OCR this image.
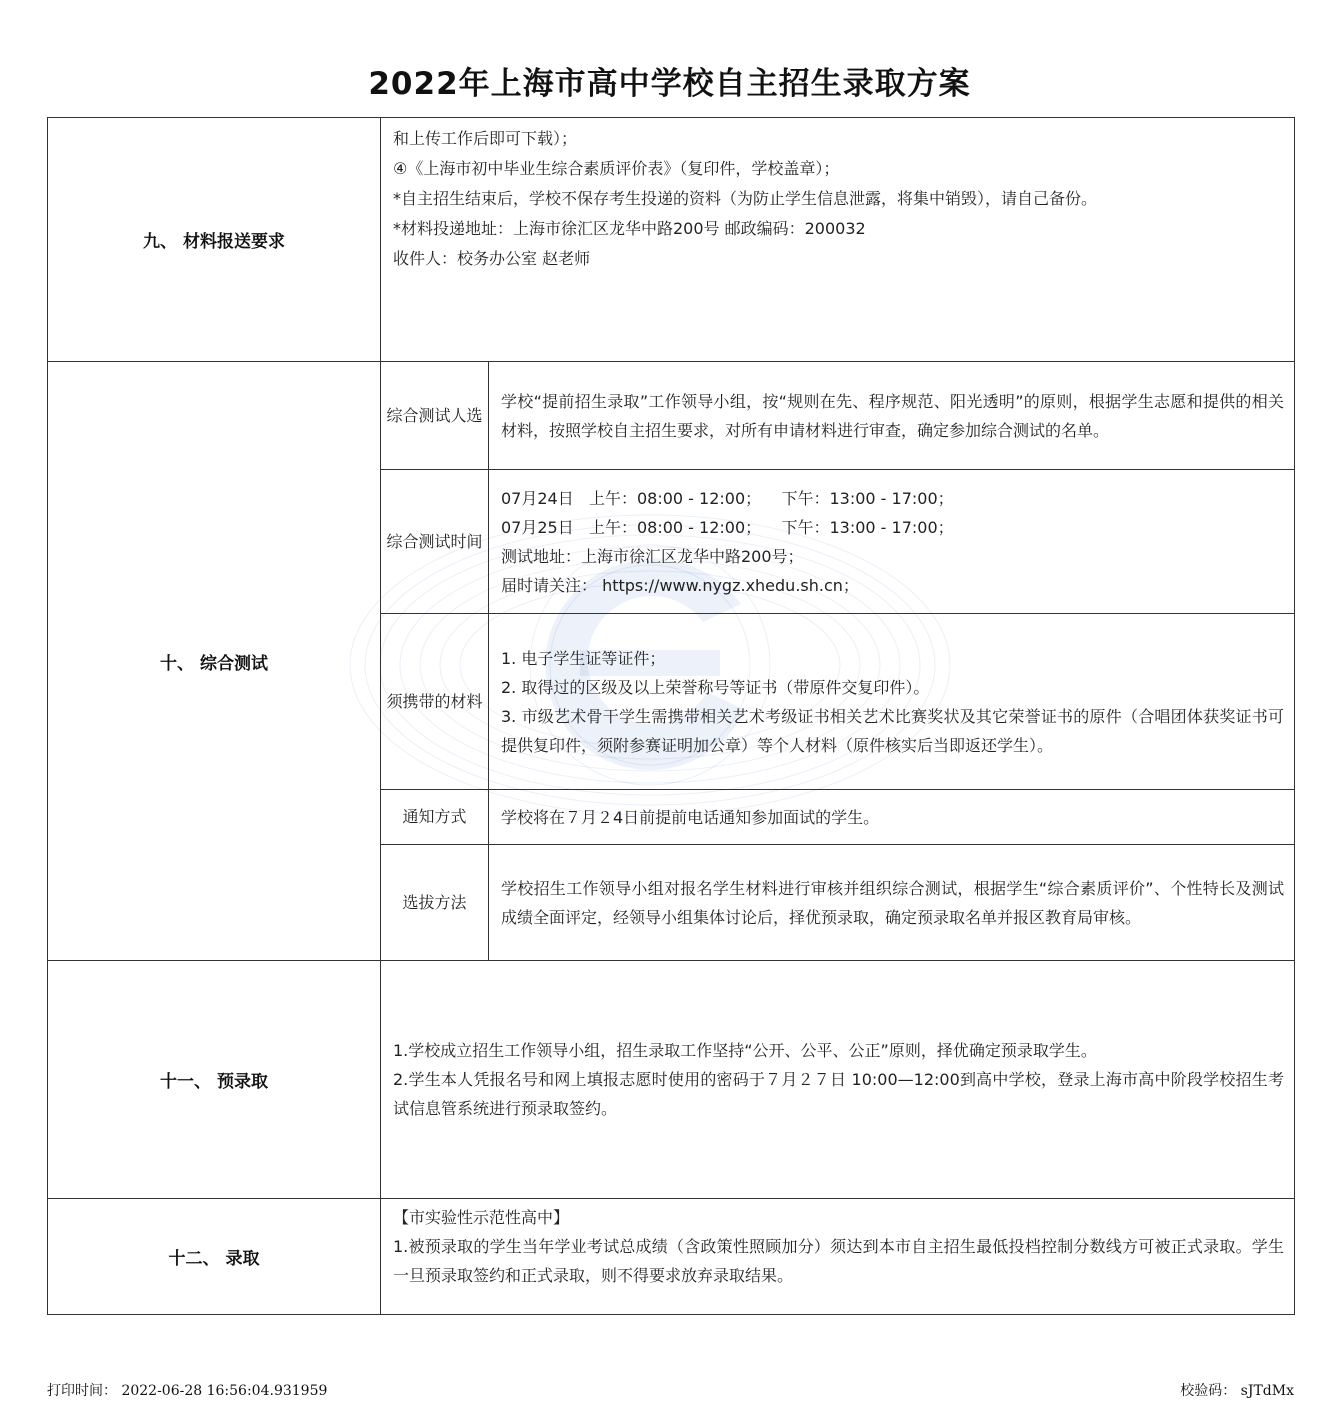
2022年上海市高中学校自主招生录取方案
九、 材料报送要求	和上传工作后即可下载）；

④《上海市初中毕业生综合素质评价表》（复印件，学校盖章）；

*自主招生结束后，学校不保存考生投递的资料（为防止学生信息泄露，将集中销毁），请自己备份。

*材料投递地址：上海市徐汇区龙华中路200号 邮政编码：200032

收件人：校务办公室 赵老师	

十、 综合测试	综合测试人选	学校“提前招生录取”工作领导小组，按“规则在先、程序规范、阳光透明”的原则，根据学生志愿和提供的相关材料，按照学校自主招生要求，对所有申请材料进行审查，确定参加综合测试的名单。

	综合测试时间	07月24日   上午：08:00 - 12:00；    下午：13:00 - 17:00；

07月25日   上午：08:00 - 12:00；    下午：13:00 - 17:00；

测试地址：上海市徐汇区龙华中路200号；

届时请关注： https://www.nygz.xhedu.sh.cn；

	须携带的材料	1. 电子学生证等证件；

2. 取得过的区级及以上荣誉称号等证书（带原件交复印件）。

3. 市级艺术骨干学生需携带相关艺术考级证书相关艺术比赛奖状及其它荣誉证书的原件（合唱团体获奖证书可提供复印件，须附参赛证明加公章）等个人材料（原件核实后当即返还学生）。

	通知方式	学校将在７月２4日前提前电话通知参加面试的学生。

	选拔方法	学校招生工作领导小组对报名学生材料进行审核并组织综合测试，根据学生“综合素质评价”、个性特长及测试成绩全面评定，经领导小组集体讨论后，择优预录取，确定预录取名单并报区教育局审核。

十一、 预录取	1.学校成立招生工作领导小组，招生录取工作坚持“公开、公平、公正”原则，择优确定预录取学生。

2.学生本人凭报名号和网上填报志愿时使用的密码于７月２７日 10:00—12:00到高中学校，登录上海市高中阶段学校招生考试信息管系统进行预录取签约。	

十二、 录取	【市实验性示范性高中】

1.被预录取的学生当年学业考试总成绩（含政策性照顾加分）须达到本市自主招生最低投档控制分数线方可被正式录取。学生一旦预录取签约和正式录取，则不得要求放弃录取结果。	

打印时间： 2022-06-28 16:56:04.931959	校验码： sJTdMx
